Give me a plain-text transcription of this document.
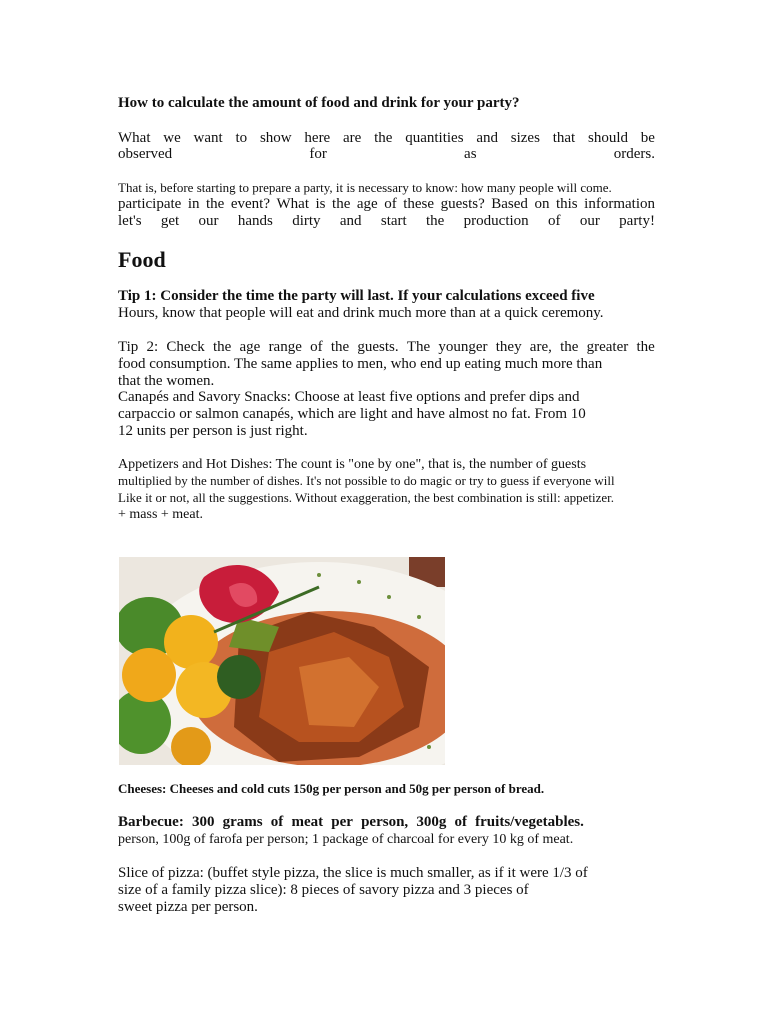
How to calculate the amount of food and drink for your party?
What we want to show here are the quantities and sizes that should be
observed	for	as	orders.
That is, before starting to prepare a party, it is necessary to know: how many people will come.
participate in the event? What is the age of these guests? Based on this information
let's get our hands dirty and start the production of our party!
Food
Tip 1: Consider the time the party will last. If your calculations exceed five
Hours, know that people will eat and drink much more than at a quick ceremony.
Tip 2: Check the age range of the guests. The younger they are, the greater the
food consumption. The same applies to men, who end up eating much more than
that the women.
Canapés and Savory Snacks: Choose at least five options and prefer dips and
carpaccio or salmon canapés, which are light and have almost no fat. From 10
12 units per person is just right.
Appetizers and Hot Dishes: The count is "one by one", that is, the number of guests
multiplied by the number of dishes. It's not possible to do magic or try to guess if everyone will
Like it or not, all the suggestions. Without exaggeration, the best combination is still: appetizer.
+ mass + meat.
Cheeses: Cheeses and cold cuts 150g per person and 50g per person of bread.
Barbecue: 300 grams of meat per person, 300g of fruits/vegetables.
person, 100g of farofa per person; 1 package of charcoal for every 10 kg of meat.
Slice of pizza: (buffet style pizza, the slice is much smaller, as if it were 1/3 of
size of a family pizza slice): 8 pieces of savory pizza and 3 pieces of
sweet pizza per person.
